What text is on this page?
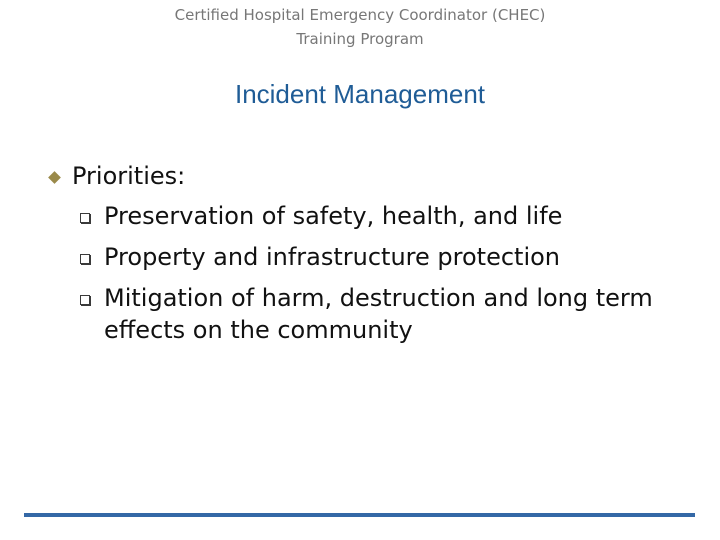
Certified Hospital Emergency Coordinator (CHEC)
Training Program
Incident Management
Priorities:
Preservation of safety, health, and life
Property and infrastructure protection
Mitigation of harm, destruction and long term effects on the community
